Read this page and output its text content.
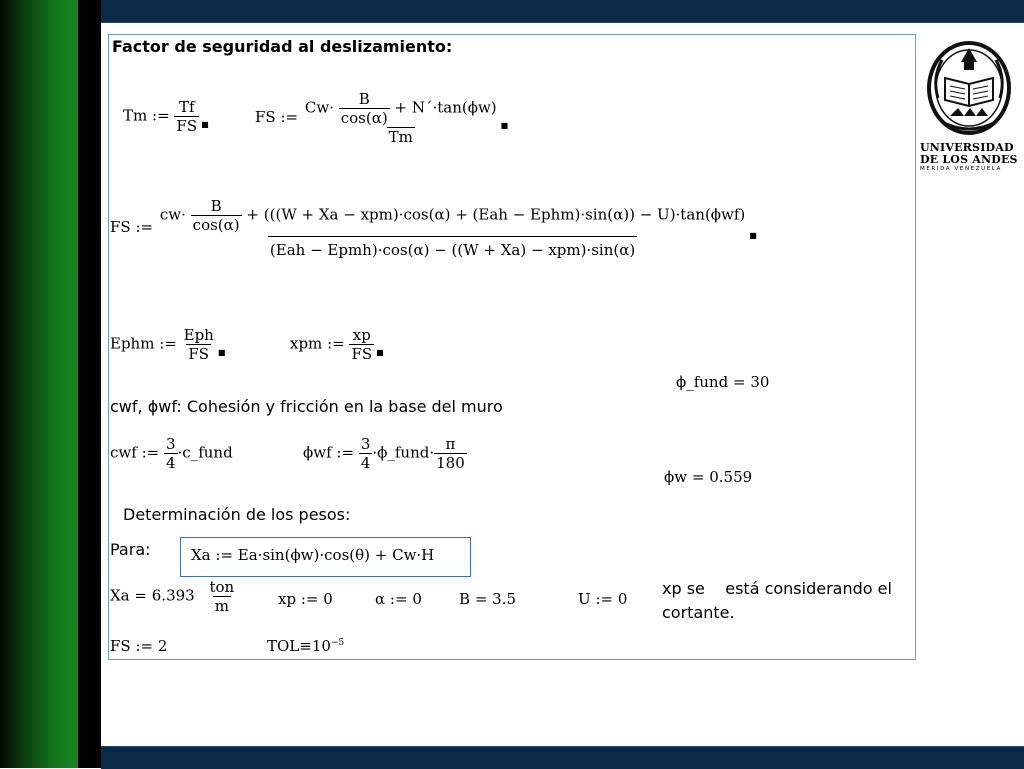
Factor de seguridad al deslizamiento:
Tm := $\frac{Tf}{FS} _■$	FS :=
$Cw\cdot \frac{B}{\cos(\alpha)}$ + N´·tan(ϕw)
Tm
$_■$
FS :=
$cw\cdot \frac{B}{\cos(\alpha)} + (((W + Xa - xpm)\cdot\cos(\alpha) + (Eah$ − Ephm)·sin(α)) − U)·tan(ϕwf)
(Eah − Epmh)·cos(α) − ((W + Xa) − xpm)·sin(α)
$_■$
Ephm := $\frac{\text{Eph}}{FS} _■$	xpm := $\frac{xp}{FS} _■$
ϕ_fund = 30
cwf, ϕwf: Cohesión y fricción en la base del muro
cwf := $\frac{3}{4}$ ·c_fund	ϕwf := $\frac{3}{4}$ ·ϕ_fund· $\frac{\pi}{180}$
ϕw = 0.559
Determinación de los pesos:
Para:	Xa := Ea·sin(ϕw)·cos(θ) + Cw·H
$Xa = 6.393 \frac{\text{ton}}{m}$	xp := 0	α := 0 B = 3.5	U := 0
xp se    está considerando el
cortante.
FS := 2	$TOL\equiv 10^{-5}$
UNIVERSIDAD
DE LOS ANDES
MERIDA VENEZUELA
